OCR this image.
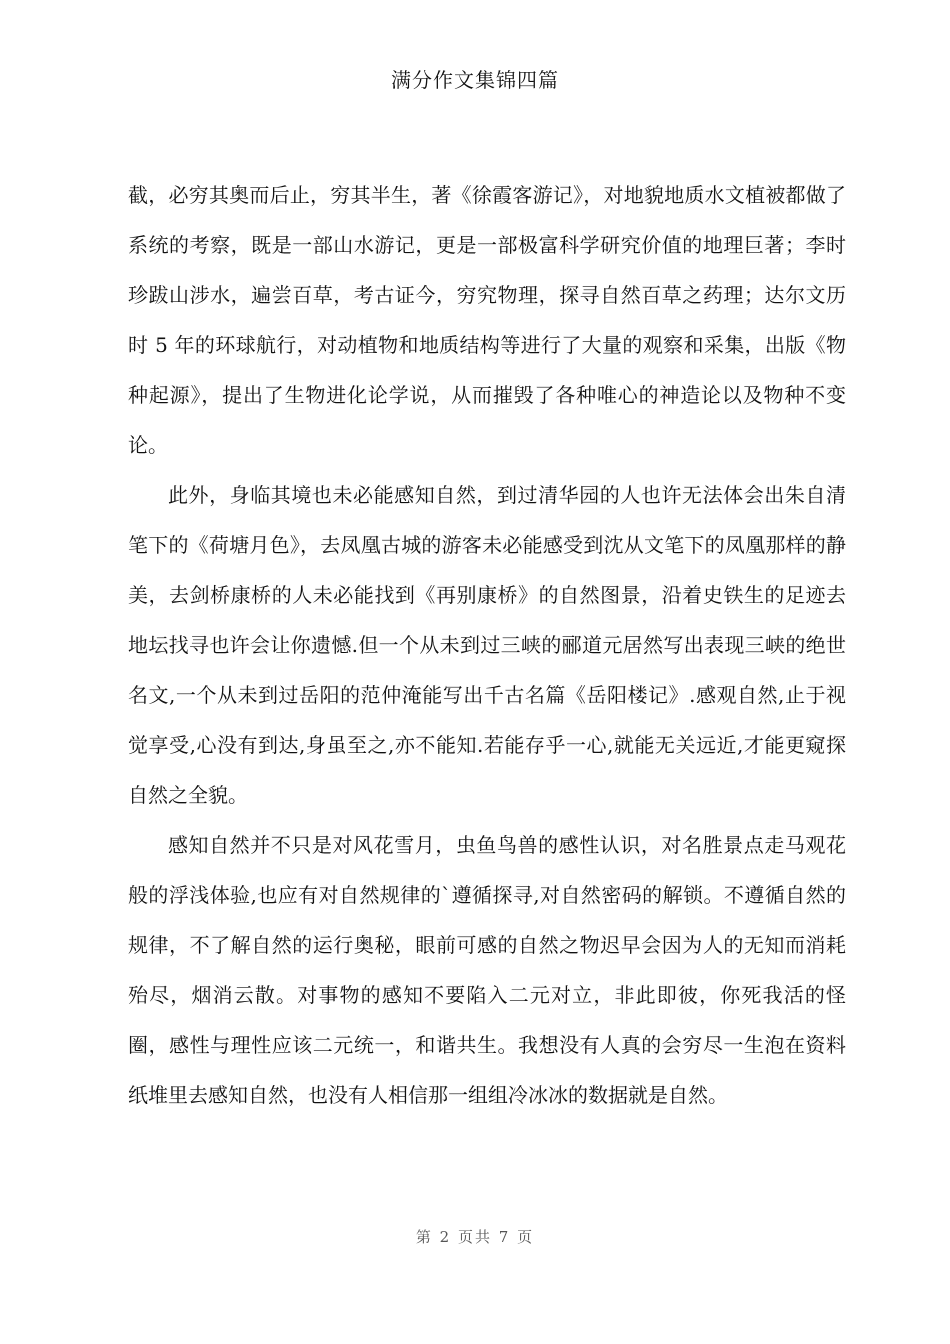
满分作文集锦四篇

截，必穷其奥而后止，穷其半生，著《徐霞客游记》，对地貌地质水文植被都做了系统的考察，既是一部山水游记，更是一部极富科学研究价值的地理巨著；李时珍跋山涉水，遍尝百草，考古证今，穷究物理，探寻自然百草之药理；达尔文历时 5 年的环球航行，对动植物和地质结构等进行了大量的观察和采集，出版《物种起源》，提出了生物进化论学说，从而摧毁了各种唯心的神造论以及物种不变论。

此外，身临其境也未必能感知自然，到过清华园的人也许无法体会出朱自清笔下的《荷塘月色》，去凤凰古城的游客未必能感受到沈从文笔下的凤凰那样的静美，去剑桥康桥的人未必能找到《再别康桥》的自然图景，沿着史铁生的足迹去地坛找寻也许会让你遗憾.但一个从未到过三峡的郦道元居然写出表现三峡的绝世名文,一个从未到过岳阳的范仲淹能写出千古名篇《岳阳楼记》.感观自然,止于视觉享受,心没有到达,身虽至之,亦不能知.若能存乎一心,就能无关远近,才能更窥探自然之全貌。

感知自然并不只是对风花雪月，虫鱼鸟兽的感性认识，对名胜景点走马观花般的浮浅体验,也应有对自然规律的`遵循探寻,对自然密码的解锁。不遵循自然的规律，不了解自然的运行奥秘，眼前可感的自然之物迟早会因为人的无知而消耗殆尽，烟消云散。对事物的感知不要陷入二元对立，非此即彼，你死我活的怪圈，感性与理性应该二元统一，和谐共生。我想没有人真的会穷尽一生泡在资料纸堆里去感知自然，也没有人相信那一组组冷冰冰的数据就是自然。

第 2 页共 7 页
